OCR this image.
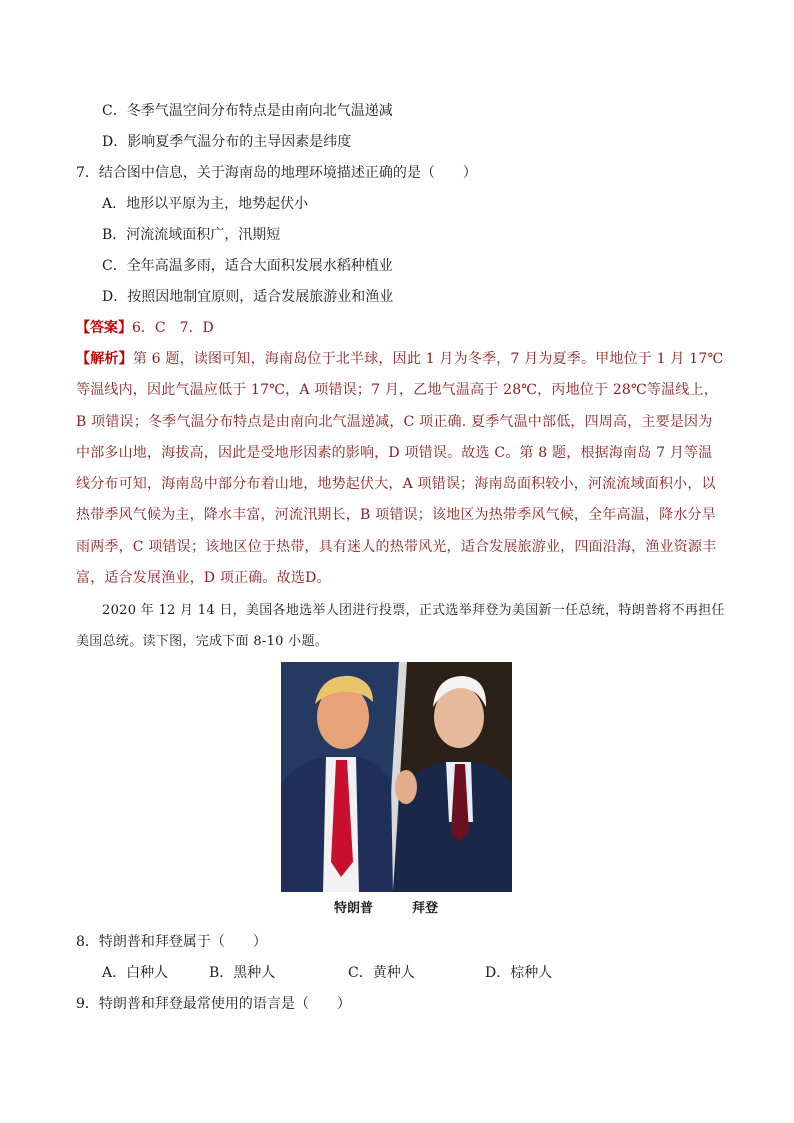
C．冬季气温空间分布特点是由南向北气温递减
D．影响夏季气温分布的主导因素是纬度
7．结合图中信息，关于海南岛的地理环境描述正确的是（　　）
A．地形以平原为主，地势起伏小
B．河流流域面积广，汛期短
C．全年高温多雨，适合大面积发展水稻种植业
D．按照因地制宜原则，适合发展旅游业和渔业
【答案】6．C　7．D
【解析】第 6 题，读图可知，海南岛位于北半球，因此 1 月为冬季，7 月为夏季。甲地位于 1 月 17℃等温线内，因此气温应低于 17℃，A 项错误；7 月，乙地气温高于 28℃，丙地位于 28℃等温线上，B 项错误；冬季气温分布特点是由南向北气温递减，C 项正确. 夏季气温中部低，四周高，主要是因为中部多山地，海拔高，因此是受地形因素的影响，D 项错误。故选 C。第 8 题，根据海南岛 7 月等温线分布可知，海南岛中部分布着山地，地势起伏大，A 项错误；海南岛面积较小，河流流域面积小，以热带季风气候为主，降水丰富，河流汛期长，B 项错误；该地区为热带季风气候，全年高温，降水分旱雨两季，C 项错误；该地区位于热带，具有迷人的热带风光，适合发展旅游业，四面沿海，渔业资源丰富，适合发展渔业，D 项正确。故选D。
2020 年 12 月 14 日，美国各地选举人团进行投票，正式选举拜登为美国新一任总统，特朗普将不再担任美国总统。读下图，完成下面 8-10 小题。
特朗普	拜登
8．特朗普和拜登属于（　　）
A．白种人	B．黑种人	C．黄种人	D．棕种人
9．特朗普和拜登最常使用的语言是（　　）
